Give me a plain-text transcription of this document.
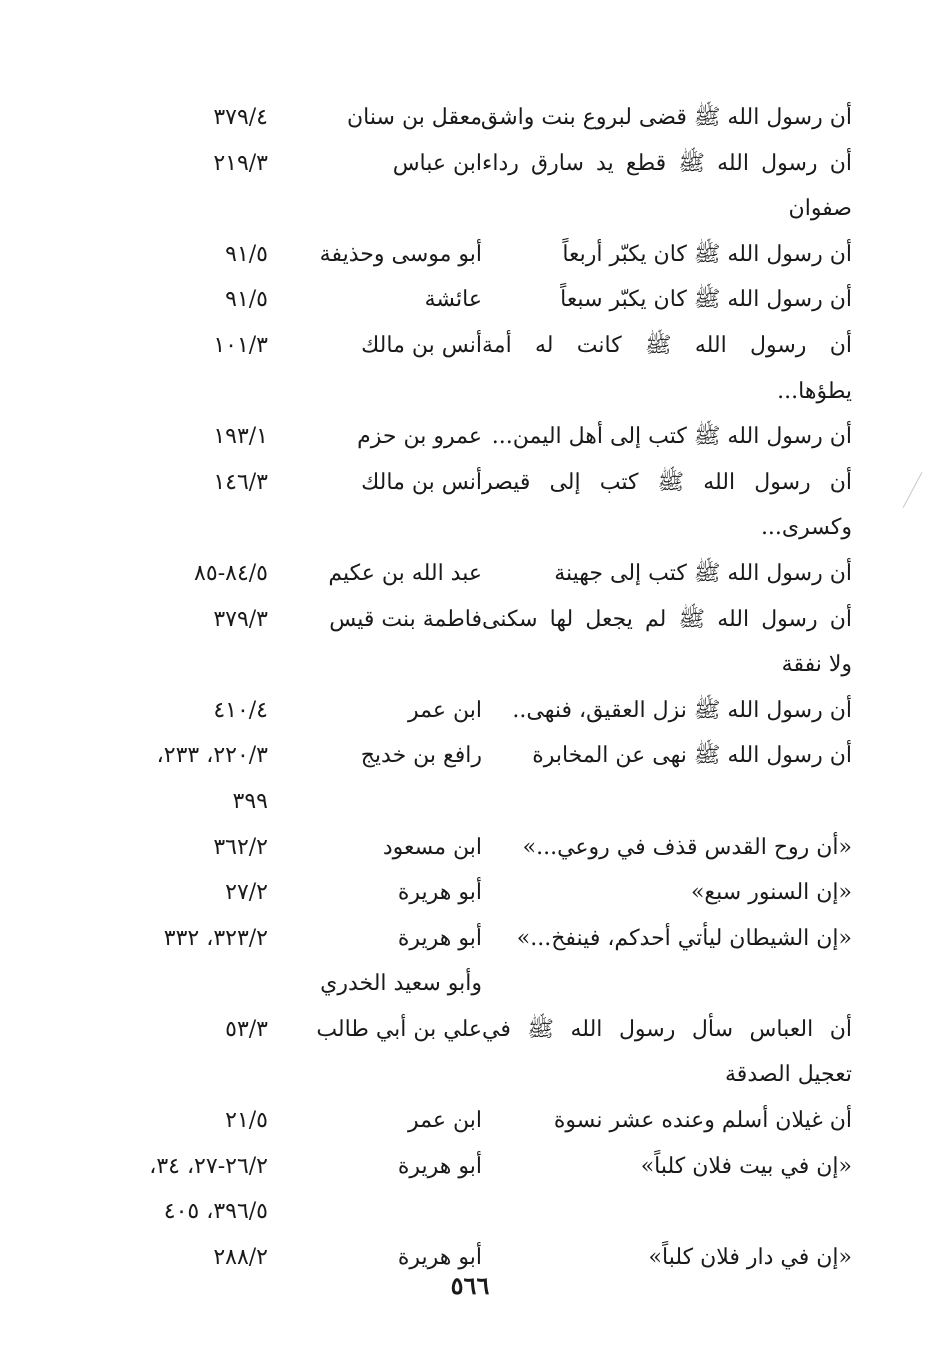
أن رسول الله ﷺ قضى لبروع بنت واشق
معقل بن سنان
٣٧٩/٤
أن رسول الله ﷺ قطع يد سارق رداء
ابن عباس
٢١٩/٣
صفوان
أن رسول الله ﷺ كان يكبّر أربعاً
أبو موسى وحذيفة
٩١/٥
أن رسول الله ﷺ كان يكبّر سبعاً
عائشة
٩١/٥
أن رسول الله ﷺ كانت له أمة
أنس بن مالك
١٠١/٣
يطؤها...
أن رسول الله ﷺ كتب إلى أهل اليمن...
عمرو بن حزم
١٩٣/١
أن رسول الله ﷺ كتب إلى قيصر
أنس بن مالك
١٤٦/٣
وكسرى...
أن رسول الله ﷺ كتب إلى جهينة
عبد الله بن عكيم
٨٤/٥-٨٥
أن رسول الله ﷺ لم يجعل لها سكنى
فاطمة بنت قيس
٣٧٩/٣
ولا نفقة
أن رسول الله ﷺ نزل العقيق، فنهى..
ابن عمر
٤١٠/٤
أن رسول الله ﷺ نهى عن المخابرة
رافع بن خديج
٢٢٠/٣، ٢٣٣،
٣٩٩
«أن روح القدس قذف في روعي...»
ابن مسعود
٣٦٢/٢
«إن السنور سبع»
أبو هريرة
٢٧/٢
«إن الشيطان ليأتي أحدكم، فينفخ...»
أبو هريرة
٣٢٣/٢، ٣٣٢
وأبو سعيد الخدري
أن العباس سأل رسول الله ﷺ في
علي بن أبي طالب
٥٣/٣
تعجيل الصدقة
أن غيلان أسلم وعنده عشر نسوة
ابن عمر
٢١/٥
«إن في بيت فلان كلباً»
أبو هريرة
٢٦/٢-٢٧، ٣٤،
٣٩٦/٥، ٤٠٥
«إن في دار فلان كلباً»
أبو هريرة
٢٨٨/٢
٥٦٦
